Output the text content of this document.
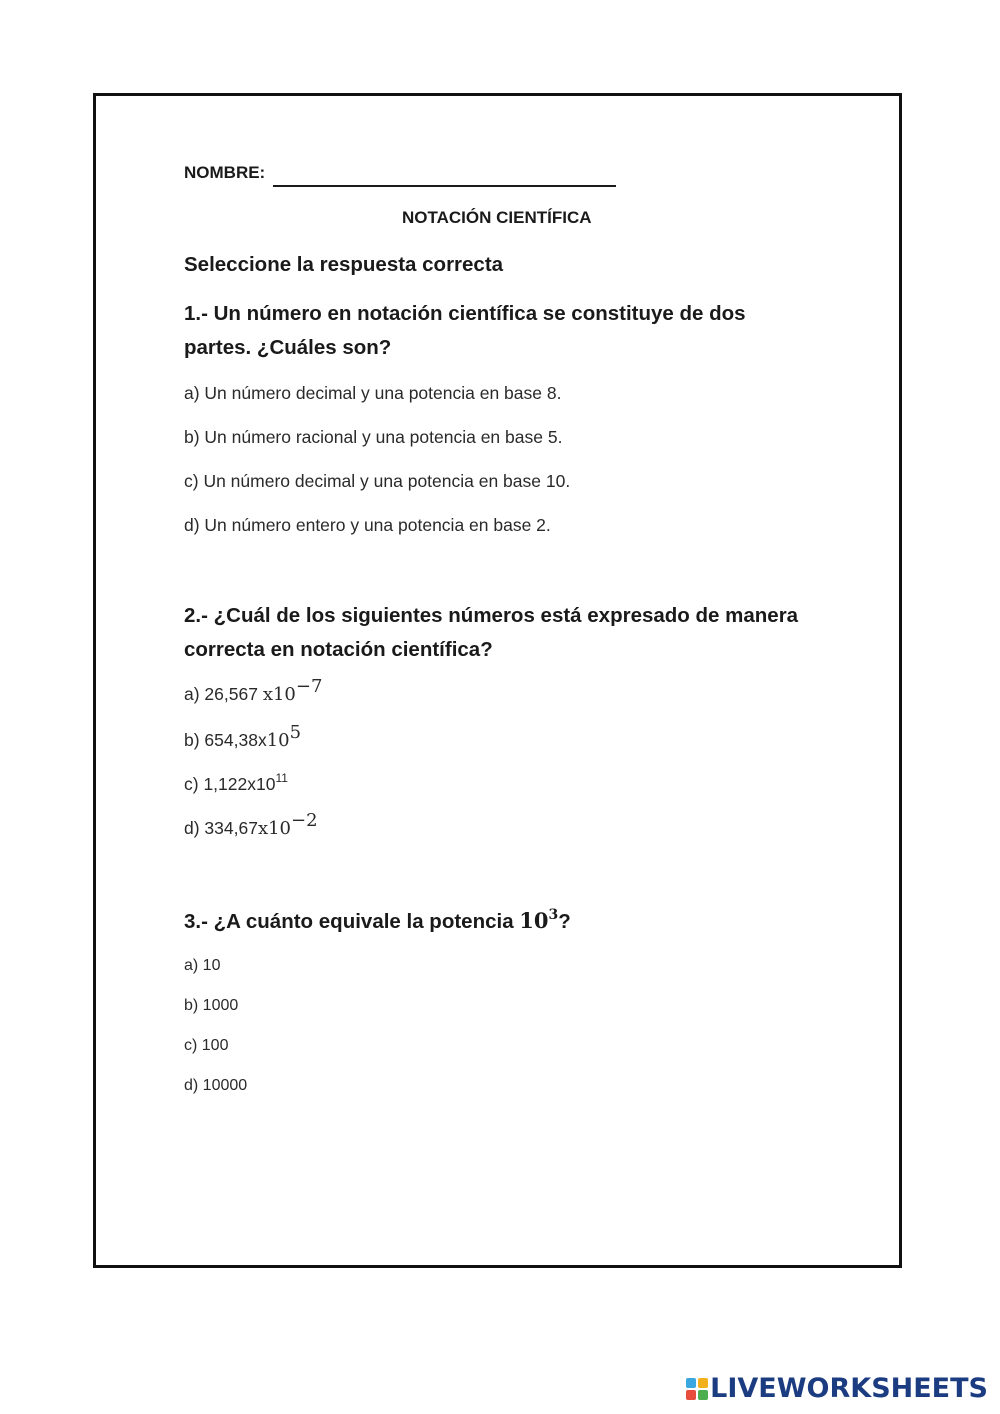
NOMBRE:
NOTACIÓN CIENTÍFICA
Seleccione la respuesta correcta
1.- Un número en notación científica se constituye de dos
partes. ¿Cuáles son?
a) Un número decimal y una potencia en base 8.
b) Un número racional y una potencia en base 5.
c) Un número decimal y una potencia en base 10.
d) Un número entero y una potencia en base 2.
2.- ¿Cuál de los siguientes números está expresado de manera
correcta en notación científica?
a) 26,567 $x10^{-7}$
b) $654,38x10^5$
c) $1,122x10^{11}$
d) $334,67x10^{-2}$
3.- ¿A cuánto equivale la potencia $10^3$?
a) 10
b) 1000
c) 100
d) 10000
LIVEWORKSHEETS
